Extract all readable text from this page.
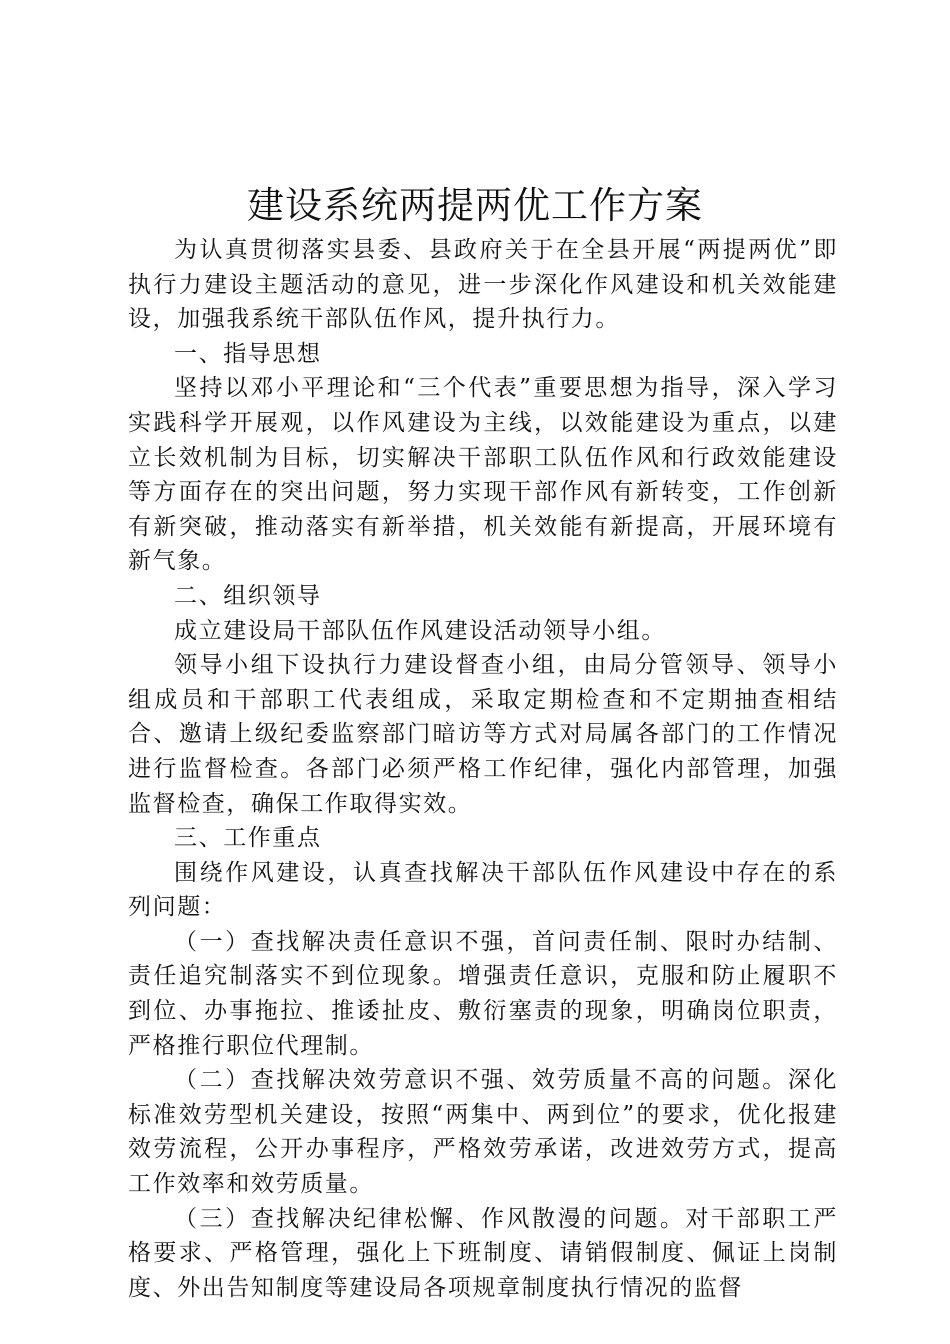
建设系统两提两优工作方案

为认真贯彻落实县委、县政府关于在全县开展“两提两优”即执行力建设主题活动的意见，进一步深化作风建设和机关效能建设，加强我系统干部队伍作风，提升执行力。

一、指导思想

坚持以邓小平理论和“三个代表”重要思想为指导，深入学习实践科学开展观，以作风建设为主线，以效能建设为重点，以建立长效机制为目标，切实解决干部职工队伍作风和行政效能建设等方面存在的突出问题，努力实现干部作风有新转变，工作创新有新突破，推动落实有新举措，机关效能有新提高，开展环境有新气象。

二、组织领导

成立建设局干部队伍作风建设活动领导小组。

领导小组下设执行力建设督查小组，由局分管领导、领导小组成员和干部职工代表组成，采取定期检查和不定期抽查相结合、邀请上级纪委监察部门暗访等方式对局属各部门的工作情况进行监督检查。各部门必须严格工作纪律，强化内部管理，加强监督检查，确保工作取得实效。

三、工作重点

围绕作风建设，认真查找解决干部队伍作风建设中存在的系列问题：

（一）查找解决责任意识不强，首问责任制、限时办结制、责任追究制落实不到位现象。增强责任意识，克服和防止履职不到位、办事拖拉、推诿扯皮、敷衍塞责的现象，明确岗位职责，严格推行职位代理制。

（二）查找解决效劳意识不强、效劳质量不高的问题。深化标准效劳型机关建设，按照“两集中、两到位”的要求，优化报建效劳流程，公开办事程序，严格效劳承诺，改进效劳方式，提高工作效率和效劳质量。

（三）查找解决纪律松懈、作风散漫的问题。对干部职工严格要求、严格管理，强化上下班制度、请销假制度、佩证上岗制度、外出告知制度等建设局各项规章制度执行情况的监督
